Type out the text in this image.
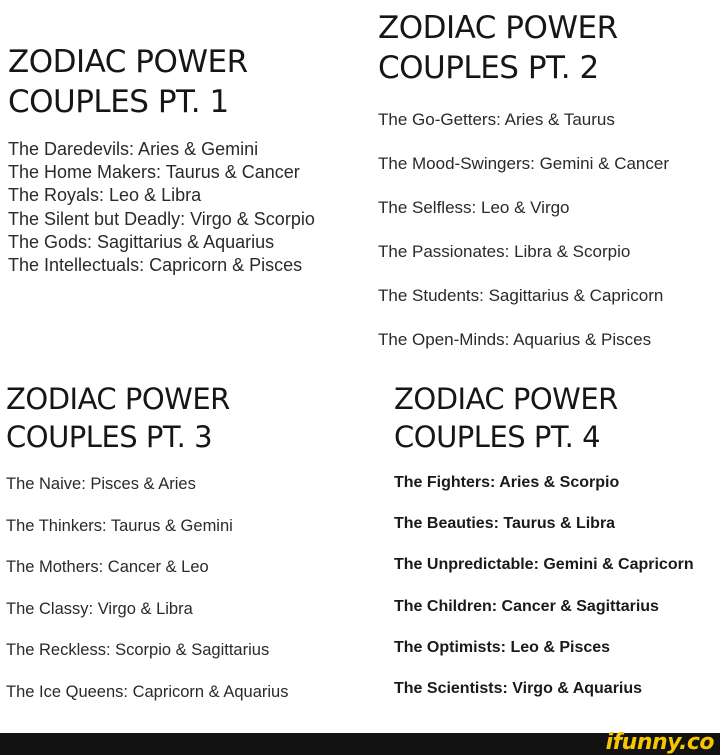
ZODIAC POWER
COUPLES PT. 1
The Daredevils: Aries & Gemini
The Home Makers: Taurus & Cancer
The Royals: Leo & Libra
The Silent but Deadly: Virgo & Scorpio
The Gods: Sagittarius & Aquarius
The Intellectuals: Capricorn & Pisces
ZODIAC POWER
COUPLES PT. 2
The Go-Getters: Aries & Taurus
The Mood-Swingers: Gemini & Cancer
The Selfless: Leo & Virgo
The Passionates: Libra & Scorpio
The Students: Sagittarius & Capricorn
The Open-Minds: Aquarius & Pisces
ZODIAC POWER
COUPLES PT. 3
The Naive: Pisces & Aries
The Thinkers: Taurus & Gemini
The Mothers: Cancer & Leo
The Classy: Virgo & Libra
The Reckless: Scorpio & Sagittarius
The Ice Queens: Capricorn & Aquarius
ZODIAC POWER
COUPLES PT. 4
The Fighters: Aries & Scorpio
The Beauties: Taurus & Libra
The Unpredictable: Gemini & Capricorn
The Children: Cancer & Sagittarius
The Optimists: Leo & Pisces
The Scientists: Virgo & Aquarius
ifunny.co
